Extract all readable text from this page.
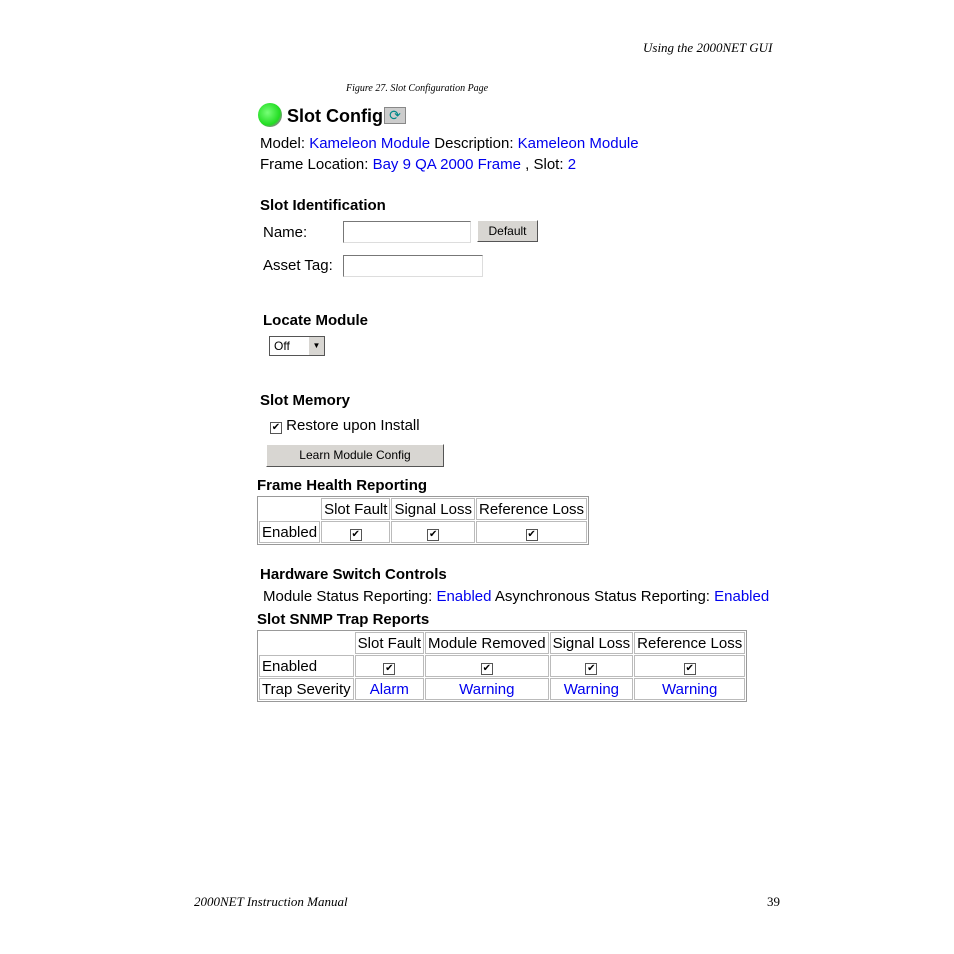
Using the 2000NET GUI
Figure 27. Slot Configuration Page
Slot Config ⟳
Model: Kameleon Module Description: Kameleon Module
Frame Location: Bay 9 QA 2000 Frame , Slot: 2
Slot Identification
Name:	Default
Asset Tag:
Locate Module
Off	▼
Slot Memory
✔ Restore upon Install
Learn Module Config
Frame Health Reporting
	Slot Fault	Signal Loss	Reference Loss
Enabled	✔	✔	✔
Hardware Switch Controls
Module Status Reporting: Enabled Asynchronous Status Reporting: Enabled
Slot SNMP Trap Reports
	Slot Fault	Module Removed	Signal Loss	Reference Loss
Enabled	✔	✔	✔	✔
Trap Severity	Alarm	Warning	Warning	Warning
2000NET Instruction Manual	39
